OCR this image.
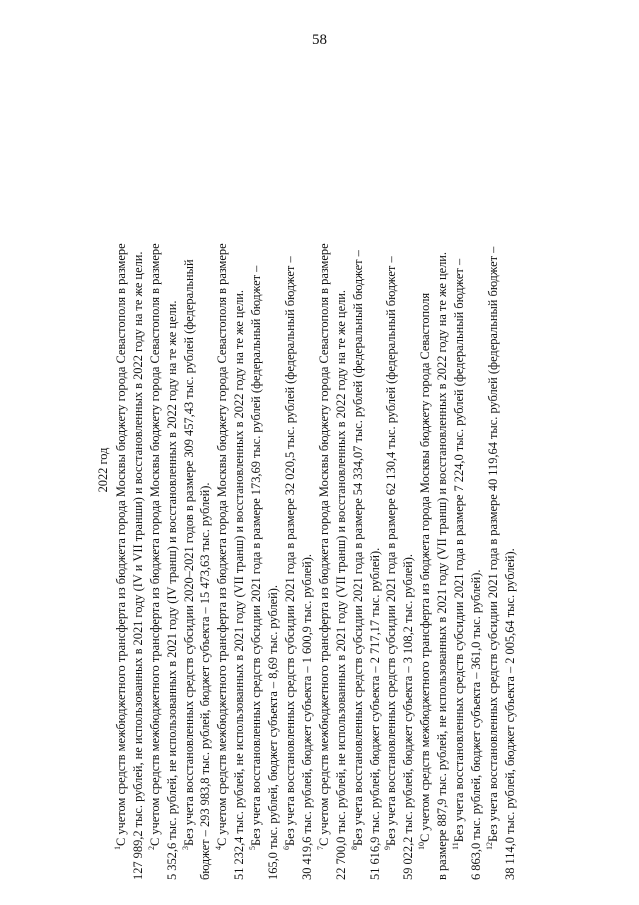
58

2022 год

$^1$С учетом средств межбюджетного трансферта из бюджета города Москвы бюджету города Севастополя в размере 127 989,2 тыс. рублей, не использованных в 2021 году (IV и VII транши) и восстановленных в 2022 году на те же цели. $^2$С учетом средств межбюджетного трансферта из бюджета города Москвы бюджету города Севастополя в размере 5 352,6 тыс. рублей, не использованных в 2021 году (IV транш) и восстановленных в 2022 году на те же цели. $^3$Без учета восстановленных средств субсидии 2020–2021 годов в размере 309 457,43 тыс. рублей (федеральный бюджет – 293 983,8 тыс. рублей, бюджет субъекта – 15 473,63 тыс. рублей). $^4$С учетом средств межбюджетного трансферта из бюджета города Москвы бюджету города Севастополя в размере 51 232,4 тыс. рублей, не использованных в 2021 году (VII транш) и восстановленных в 2022 году на те же цели. $^5$Без учета восстановленных средств субсидии 2021 года в размере 173,69 тыс. рублей (федеральный бюджет – 165,0 тыс. рублей, бюджет субъекта – 8,69 тыс. рублей). $^6$Без учета восстановленных средств субсидии 2021 года в размере 32 020,5 тыс. рублей (федеральный бюджет – 30 419,6 тыс. рублей, бюджет субъекта – 1 600,9 тыс. рублей). $^7$С учетом средств межбюджетного трансферта из бюджета города Москвы бюджету города Севастополя в размере 22 700,0 тыс. рублей, не использованных в 2021 году (VII транш) и восстановленных в 2022 году на те же цели. $^8$Без учета восстановленных средств субсидии 2021 года в размере 54 334,07 тыс. рублей (федеральный бюджет – 51 616,9 тыс. рублей, бюджет субъекта – 2 717,17 тыс. рублей). $^9$Без учета восстановленных средств субсидии 2021 года в размере 62 130,4 тыс. рублей (федеральный бюджет – 59 022,2 тыс. рублей, бюджет субъекта – 3 108,2 тыс. рублей). $^{10}$С учетом средств межбюджетного трансферта из бюджета города Москвы бюджету города Севастополя в размере 887,9 тыс. рублей, не использованных в 2021 году (VII транш) и восстановленных в 2022 году на те же цели. $^{11}$Без учета восстановленных средств субсидии 2021 года в размере 7 224,0 тыс. рублей (федеральный бюджет – 6 863,0 тыс. рублей, бюджет субъекта – 361,0 тыс. рублей). $^{12}$Без учета восстановленных средств субсидии 2021 года в размере 40 119,64 тыс. рублей (федеральный бюджет – 38 114,0 тыс. рублей, бюджет субъекта – 2 005,64 тыс. рублей).
